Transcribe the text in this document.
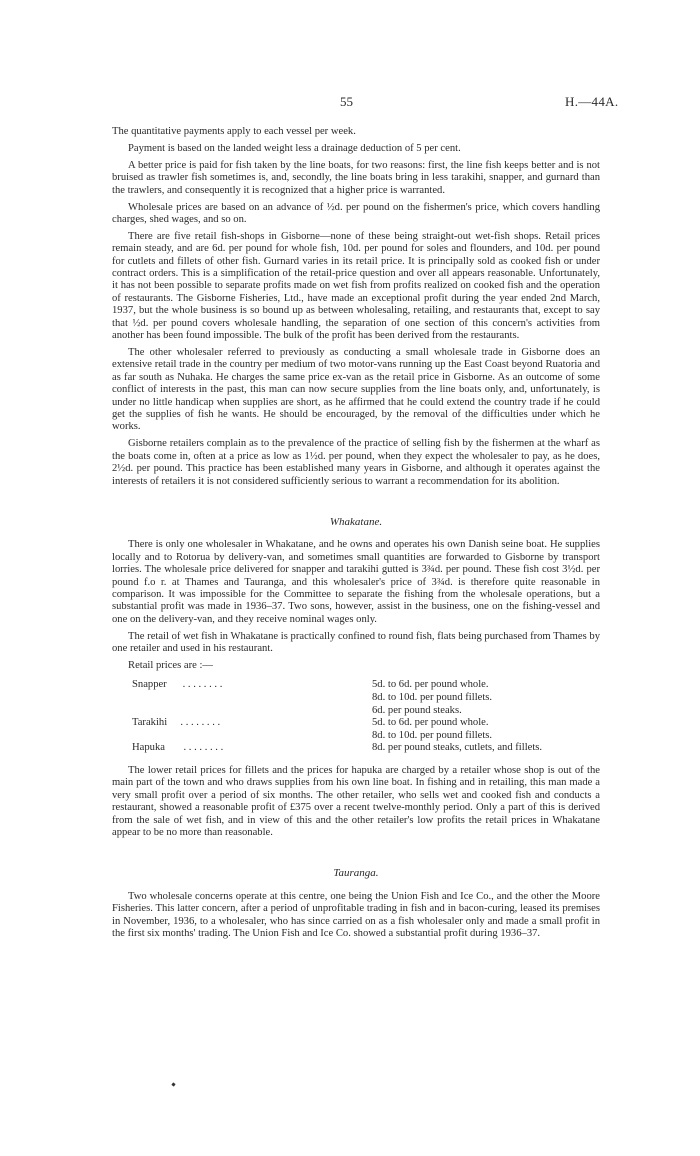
55	H.—44A.

The quantitative payments apply to each vessel per week.

Payment is based on the landed weight less a drainage deduction of 5 per cent.

A better price is paid for fish taken by the line boats, for two reasons: first, the line fish keeps better and is not bruised as trawler fish sometimes is, and, secondly, the line boats bring in less tarakihi, snapper, and gurnard than the trawlers, and consequently it is recognized that a higher price is warranted.

Wholesale prices are based on an advance of ½d. per pound on the fishermen's price, which covers handling charges, shed wages, and so on.

There are five retail fish-shops in Gisborne—none of these being straight-out wet-fish shops. Retail prices remain steady, and are 6d. per pound for whole fish, 10d. per pound for soles and flounders, and 10d. per pound for cutlets and fillets of other fish. Gurnard varies in its retail price. It is principally sold as cooked fish or under contract orders. This is a simplification of the retail-price question and over all appears reasonable. Unfortunately, it has not been possible to separate profits made on wet fish from profits realized on cooked fish and the operation of restaurants. The Gisborne Fisheries, Ltd., have made an exceptional profit during the year ended 2nd March, 1937, but the whole business is so bound up as between wholesaling, retailing, and restaurants that, except to say that ½d. per pound covers wholesale handling, the separation of one section of this concern's activities from another has been found impossible. The bulk of the profit has been derived from the restaurants.

The other wholesaler referred to previously as conducting a small wholesale trade in Gisborne does an extensive retail trade in the country per medium of two motor-vans running up the East Coast beyond Ruatoria and as far south as Nuhaka. He charges the same price ex-van as the retail price in Gisborne. As an outcome of some conflict of interests in the past, this man can now secure supplies from the line boats only, and, unfortunately, is under no little handicap when supplies are short, as he affirmed that he could extend the country trade if he could get the supplies of fish he wants. He should be encouraged, by the removal of the difficulties under which he works.

Gisborne retailers complain as to the prevalence of the practice of selling fish by the fishermen at the wharf as the boats come in, often at a price as low as 1½d. per pound, when they expect the wholesaler to pay, as he does, 2½d. per pound. This practice has been established many years in Gisborne, and although it operates against the interests of retailers it is not considered sufficiently serious to warrant a recommendation for its abolition.

Whakatane.

There is only one wholesaler in Whakatane, and he owns and operates his own Danish seine boat. He supplies locally and to Rotorua by delivery-van, and sometimes small quantities are forwarded to Gisborne by transport lorries. The wholesale price delivered for snapper and tarakihi gutted is 3¾d. per pound. These fish cost 3½d. per pound f.o r. at Thames and Tauranga, and this wholesaler's price of 3¾d. is therefore quite reasonable in comparison. It was impossible for the Committee to separate the fishing from the wholesale operations, but a substantial profit was made in 1936–37. Two sons, however, assist in the business, one on the fishing-vessel and one on the delivery-van, and they receive nominal wages only.

The retail of wet fish in Whakatane is practically confined to round fish, flats being purchased from Thames by one retailer and used in his restaurant.

Retail prices are :—

Snapper . . . . . . . .	5d. to 6d. per pound whole.
8d. to 10d. per pound fillets.
6d. per pound steaks.
Tarakihi . . . . . . . .	5d. to 6d. per pound whole.
8d. to 10d. per pound fillets.
Hapuka . . . . . . . .	8d. per pound steaks, cutlets, and fillets.

The lower retail prices for fillets and the prices for hapuka are charged by a retailer whose shop is out of the main part of the town and who draws supplies from his own line boat. In fishing and in retailing, this man made a very small profit over a period of six months. The other retailer, who sells wet and cooked fish and conducts a restaurant, showed a reasonable profit of £375 over a recent twelve-monthly period. Only a part of this is derived from the sale of wet fish, and in view of this and the other retailer's low profits the retail prices in Whakatane appear to be no more than reasonable.

Tauranga.

Two wholesale concerns operate at this centre, one being the Union Fish and Ice Co., and the other the Moore Fisheries. This latter concern, after a period of unprofitable trading in fish and in bacon-curing, leased its premises in November, 1936, to a wholesaler, who has since carried on as a fish wholesaler only and made a small profit in the first six months' trading. The Union Fish and Ice Co. showed a substantial profit during 1936–37.
